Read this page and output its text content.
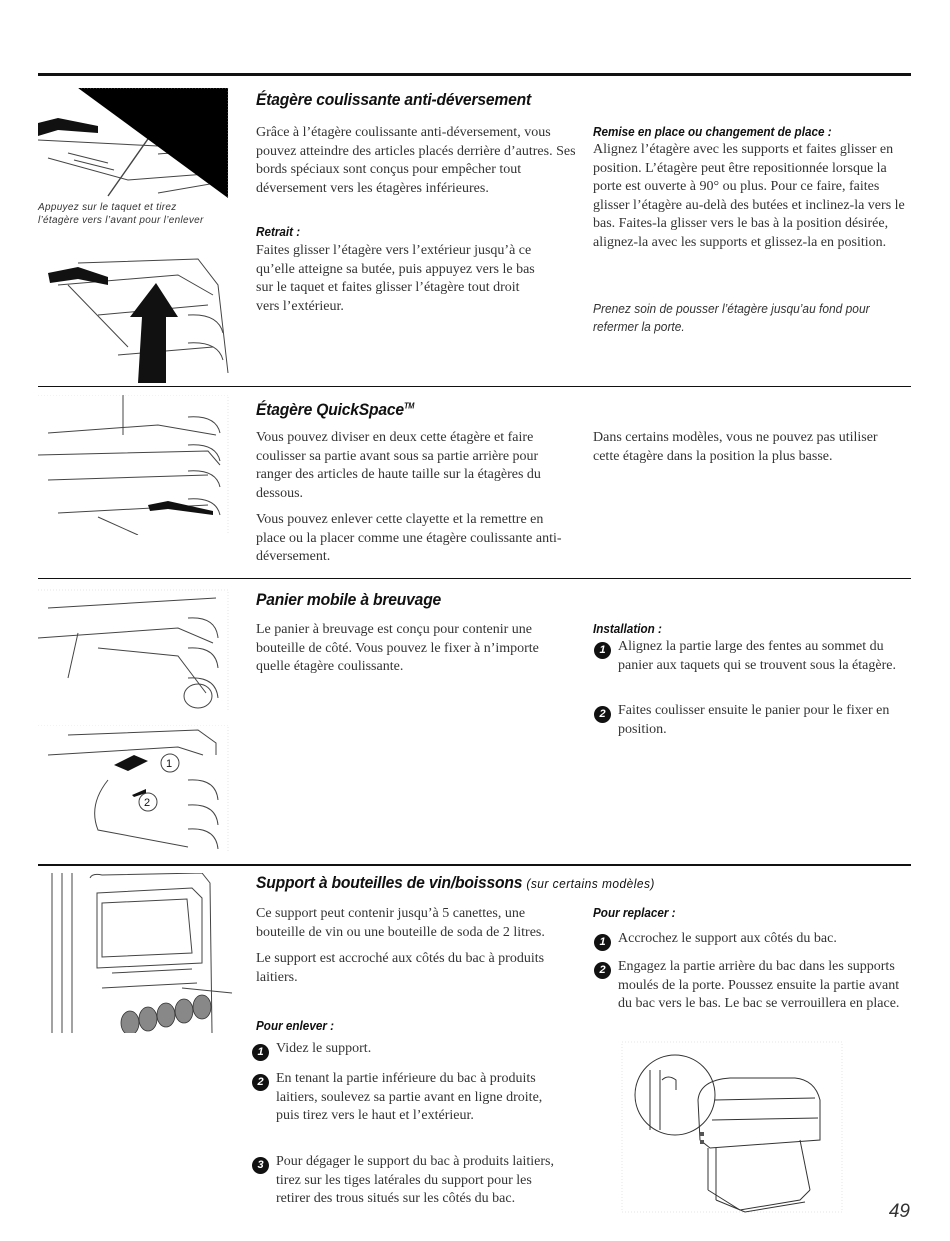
Appuyez sur le taquet et tirez l’étagère vers l’avant pour l’enlever
Étagère coulissante anti-déversement
Grâce à l’étagère coulissante anti-déversement, vous pouvez atteindre des articles placés derrière d’autres. Ses bords spéciaux sont conçus pour empêcher tout déversement vers les étagères inférieures.
Retrait :
Faites glisser l’étagère vers l’extérieur jusqu’à ce qu’elle atteigne sa butée, puis appuyez vers le bas sur le taquet et faites glisser l’étagère tout droit vers l’extérieur.
Remise en place ou changement de place :
Alignez l’étagère avec les supports et faites glisser en position. L’étagère peut être repositionnée lorsque la porte est ouverte à 90° ou plus. Pour ce faire, faites glisser l’étagère au-delà des butées et inclinez-la vers le bas. Faites-la glisser vers le bas à la position désirée, alignez-la avec les supports et glissez-la en position.
Prenez soin de pousser l’étagère jusqu’au fond pour refermer la porte.
Étagère QuickSpace™

Vous pouvez diviser en deux cette étagère et faire coulisser sa partie avant sous sa partie arrière pour ranger des articles de haute taille sur la étagères du dessous.

Vous pouvez enlever cette clayette et la remettre en place ou la placer comme une étagère coulissante anti-déversement.

Dans certains modèles, vous ne pouvez pas utiliser cette étagère dans la position la plus basse.
1
2
Panier mobile à breuvage
Le panier à breuvage est conçu pour contenir une bouteille de côté. Vous pouvez le fixer à n’importe quelle étagère coulissante.
Installation :
1 Alignez la partie large des fentes au sommet du panier aux taquets qui se trouvent sous la étagère.
2 Faites coulisser ensuite le panier pour le fixer en position.
Support à bouteilles de vin/boissons (sur certains modèles)

Ce support peut contenir jusqu’à 5 canettes, une bouteille de vin ou une bouteille de soda de 2 litres.

Le support est accroché aux côtés du bac à produits laitiers.

Pour enlever :
1 Videz le support.
2 En tenant la partie inférieure du bac à produits laitiers, soulevez sa partie avant en ligne droite, puis tirez vers le haut et l’extérieur.
3 Pour dégager le support du bac à produits laitiers, tirez sur les tiges latérales du support pour les retirer des trous situés sur les côtés du bac.
Pour replacer :
1 Accrochez le support aux côtés du bac.
2 Engagez la partie arrière du bac dans les supports moulés de la porte. Poussez ensuite la partie avant du bac vers le bas. Le bac se verrouillera en place.
49
